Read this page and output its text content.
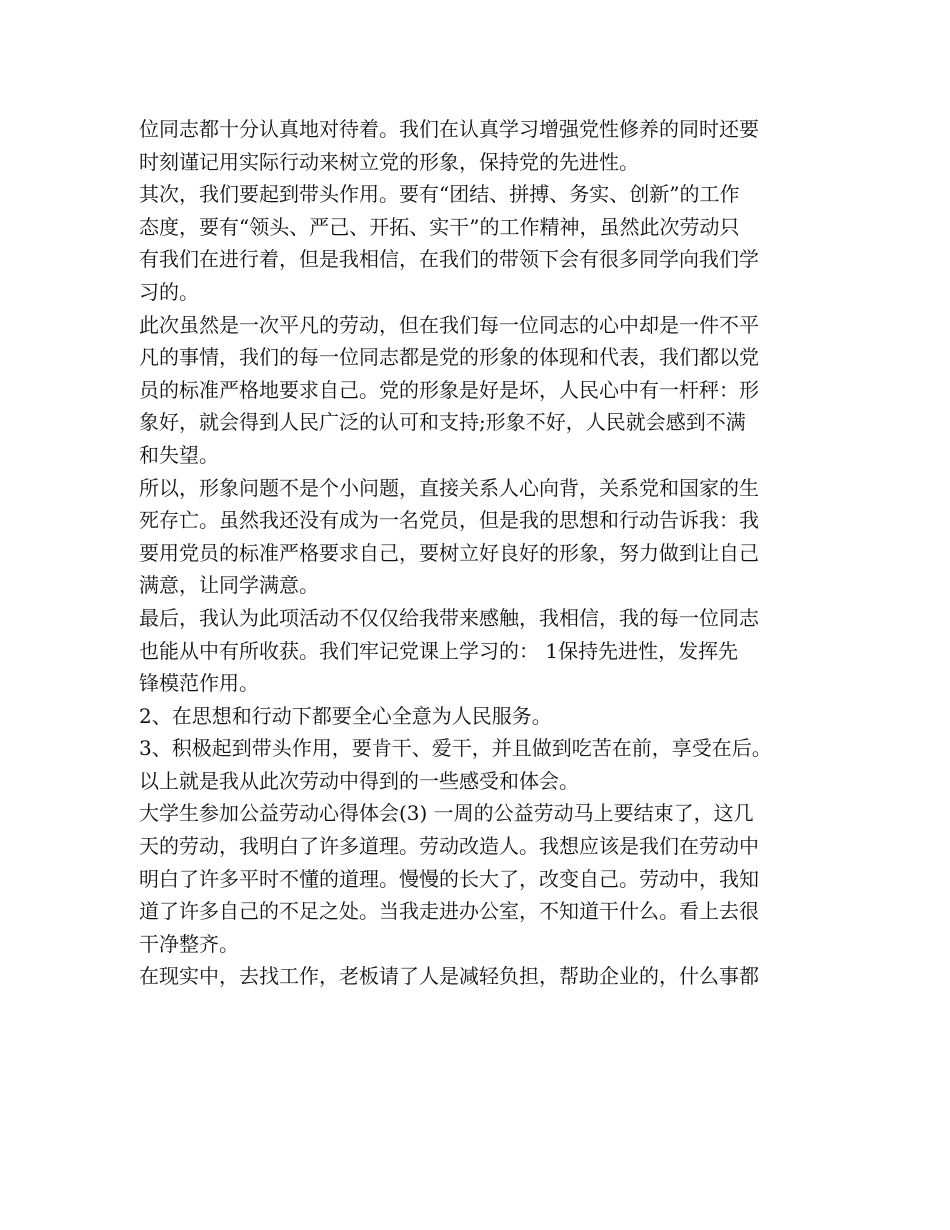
位同志都十分认真地对待着。我们在认真学习增强党性修养的同时还要
时刻谨记用实际行动来树立党的形象，保持党的先进性。
其次，我们要起到带头作用。要有“团结、拼搏、务实、创新”的工作
态度，要有“领头、严己、开拓、实干”的工作精神，虽然此次劳动只
有我们在进行着，但是我相信，在我们的带领下会有很多同学向我们学
习的。
此次虽然是一次平凡的劳动，但在我们每一位同志的心中却是一件不平
凡的事情，我们的每一位同志都是党的形象的体现和代表，我们都以党
员的标准严格地要求自己。党的形象是好是坏，人民心中有一杆秤：形
象好，就会得到人民广泛的认可和支持;形象不好，人民就会感到不满
和失望。
所以，形象问题不是个小问题，直接关系人心向背，关系党和国家的生
死存亡。虽然我还没有成为一名党员，但是我的思想和行动告诉我：我
要用党员的标准严格要求自己，要树立好良好的形象，努力做到让自己
满意，让同学满意。
最后，我认为此项活动不仅仅给我带来感触，我相信，我的每一位同志
也能从中有所收获。我们牢记党课上学习的： 1保持先进性，发挥先
锋模范作用。
2、在思想和行动下都要全心全意为人民服务。
3、积极起到带头作用，要肯干、爱干，并且做到吃苦在前，享受在后。
以上就是我从此次劳动中得到的一些感受和体会。
大学生参加公益劳动心得体会(3) 一周的公益劳动马上要结束了，这几
天的劳动，我明白了许多道理。劳动改造人。我想应该是我们在劳动中
明白了许多平时不懂的道理。慢慢的长大了，改变自己。劳动中，我知
道了许多自己的不足之处。当我走进办公室，不知道干什么。看上去很
干净整齐。
在现实中，去找工作，老板请了人是减轻负担，帮助企业的，什么事都
